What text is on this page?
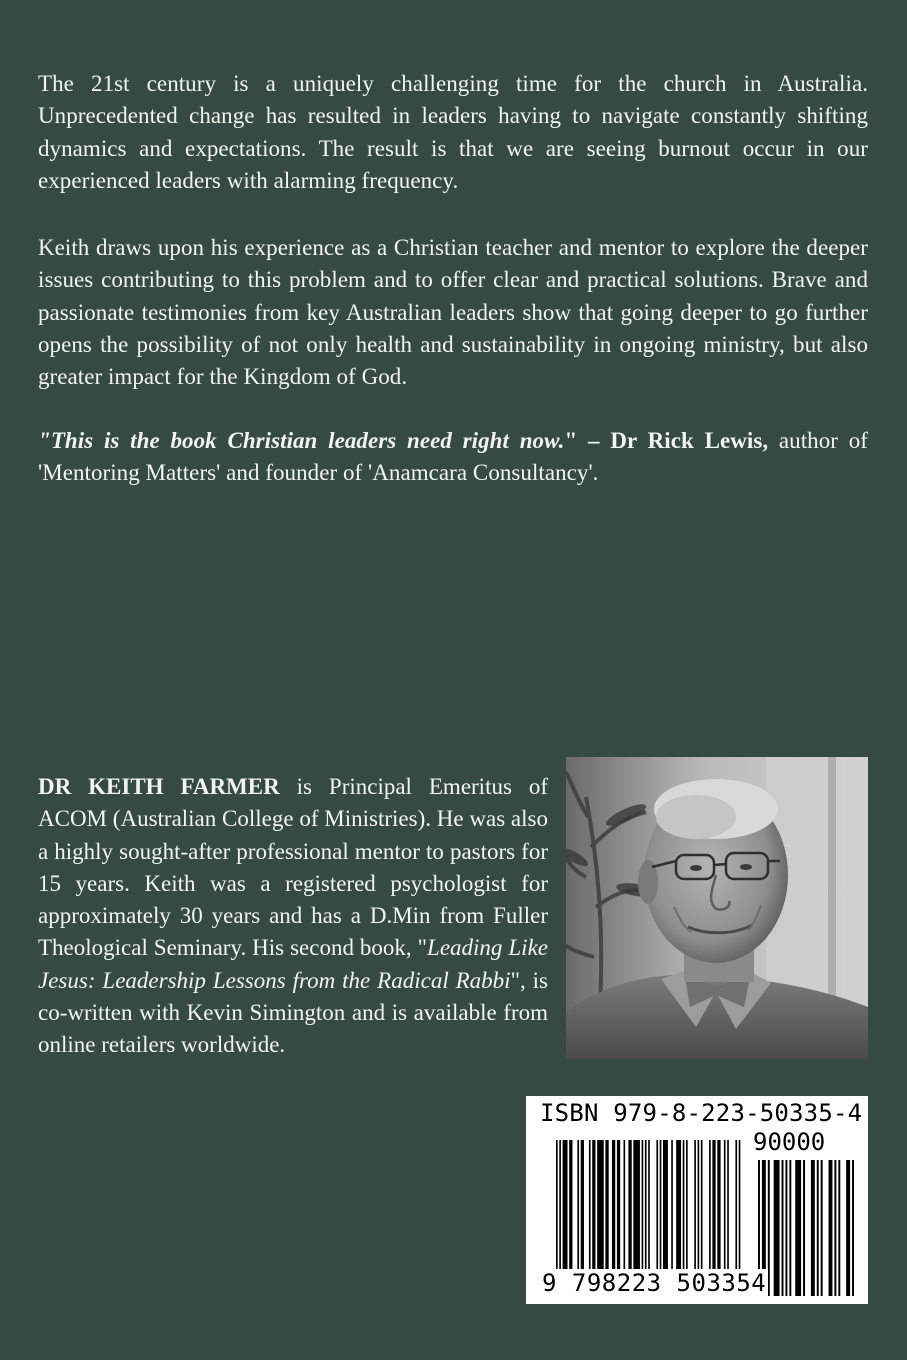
The 21st century is a uniquely challenging time for the church in Australia. Unprecedented change has resulted in leaders having to navigate constantly shifting dynamics and expectations. The result is that we are seeing burnout occur in our experienced leaders with alarming frequency.

Keith draws upon his experience as a Christian teacher and mentor to explore the deeper issues contributing to this problem and to offer clear and practical solutions. Brave and passionate testimonies from key Australian leaders show that going deeper to go further opens the possibility of not only health and sustainability in ongoing ministry, but also greater impact for the Kingdom of God.

"This is the book Christian leaders need right now." – Dr Rick Lewis, author of 'Mentoring Matters' and founder of 'Anamcara Consultancy'.

DR KEITH FARMER is Principal Emeritus of ACOM (Australian College of Ministries). He was also a highly sought-after professional mentor to pastors for 15 years. Keith was a registered psychologist for approximately 30 years and has a D.Min from Fuller Theological Seminary. His second book, "Leading Like Jesus: Leadership Lessons from the Radical Rabbi", is co-written with Kevin Simington and is available from online retailers worldwide.

ISBN 979-8-223-50335-4
90000
9 798223 503354
